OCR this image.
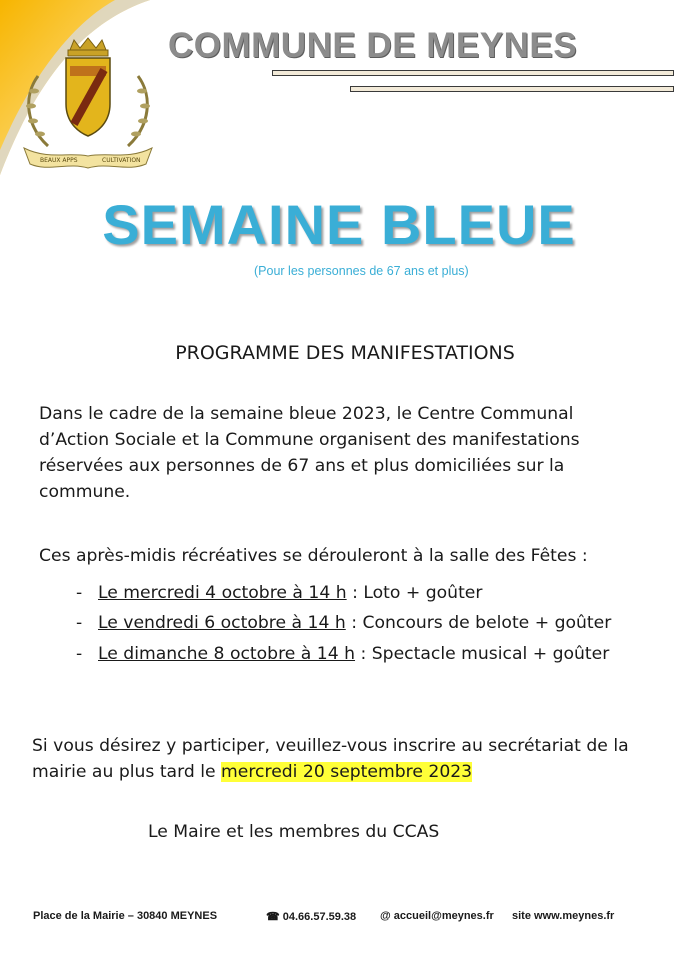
BEAUX APPS	CULTIVATION
COMMUNE DE MEYNES
SEMAINE BLEUE
(Pour les personnes de 67 ans et plus)
PROGRAMME DES MANIFESTATIONS
Dans le cadre de la semaine bleue 2023, le Centre Communal d’Action Sociale et la Commune organisent des manifestations réservées aux personnes de 67 ans et plus domiciliées sur la commune.
Ces après-midis récréatives se dérouleront à la salle des Fêtes :
- Le mercredi 4 octobre à 14 h : Loto + goûter
- Le vendredi 6 octobre à 14 h : Concours de belote + goûter
- Le dimanche 8 octobre à 14 h : Spectacle musical + goûter
Si vous désirez y participer, veuillez-vous inscrire au secrétariat de la mairie au plus tard le mercredi 20 septembre 2023
Le Maire et les membres du CCAS
Place de la Mairie – 30840 MEYNES	☎ 04.66.57.59.38 @ accueil@meynes.fr site www.meynes.fr
